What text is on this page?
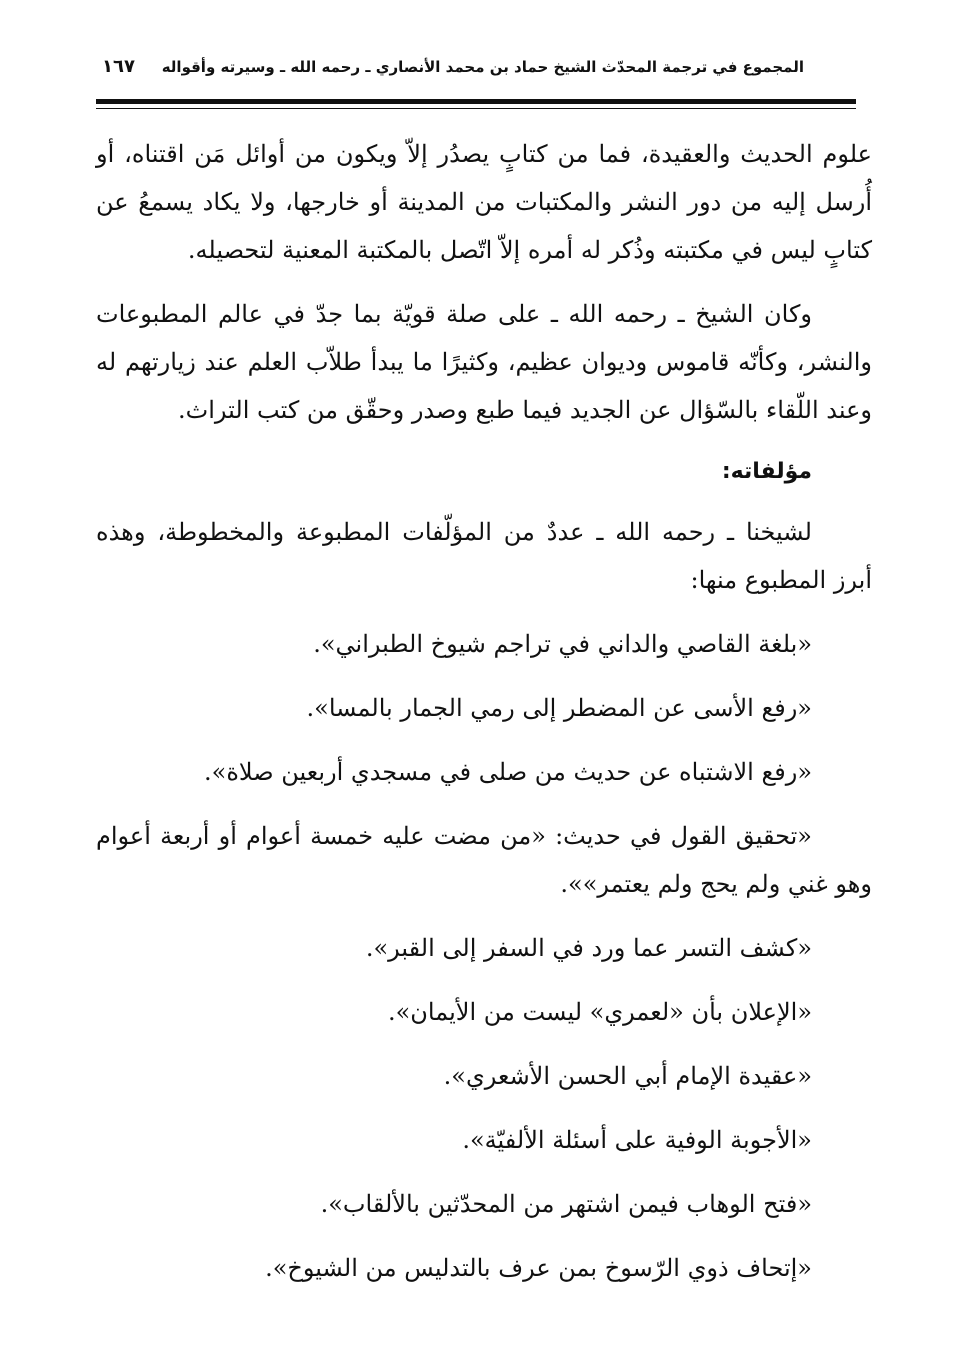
المجموع في ترجمة المحدّث الشيخ حماد بن محمد الأنصاري ـ رحمه الله ـ وسيرته وأقواله
١٦٧

علوم الحديث والعقيدة، فما من كتابٍ يصدُر إلاّ ويكون من أوائل مَن اقتناه، أو أُرسل إليه من دور النشر والمكتبات من المدينة أو خارجها، ولا يكاد يسمعُ عن كتابٍ ليس في مكتبته وذُكر له أمره إلاّ اتّصل بالمكتبة المعنية لتحصيله.

وكان الشيخ ـ رحمه الله ـ على صلة قويّة بما جدّ في عالم المطبوعات والنشر، وكأنّه قاموس وديوان عظيم، وكثيرًا ما يبدأ طلاّب العلم عند زيارتهم له وعند اللّقاء بالسّؤال عن الجديد فيما طبع وصدر وحقّق من كتب التراث.

مؤلفاته:

لشيخنا ـ رحمه الله ـ عددٌ من المؤلّفات المطبوعة والمخطوطة، وهذه أبرز المطبوع منها:

«بلغة القاصي والداني في تراجم شيوخ الطبراني».
«رفع الأسى عن المضطر إلى رمي الجمار بالمسا».
«رفع الاشتباه عن حديث من صلى في مسجدي أربعين صلاة».
«تحقيق القول في حديث: «من مضت عليه خمسة أعوام أو أربعة أعوام وهو غني ولم يحج ولم يعتمر»».
«كشف التسر عما ورد في السفر إلى القبر».
«الإعلان بأن «لعمري» ليست من الأيمان».
«عقيدة الإمام أبي الحسن الأشعري».
«الأجوبة الوفية على أسئلة الألفيّة».
«فتح الوهاب فيمن اشتهر من المحدّثين بالألقاب».
«إتحاف ذوي الرّسوخ بمن عرف بالتدليس من الشيوخ».
